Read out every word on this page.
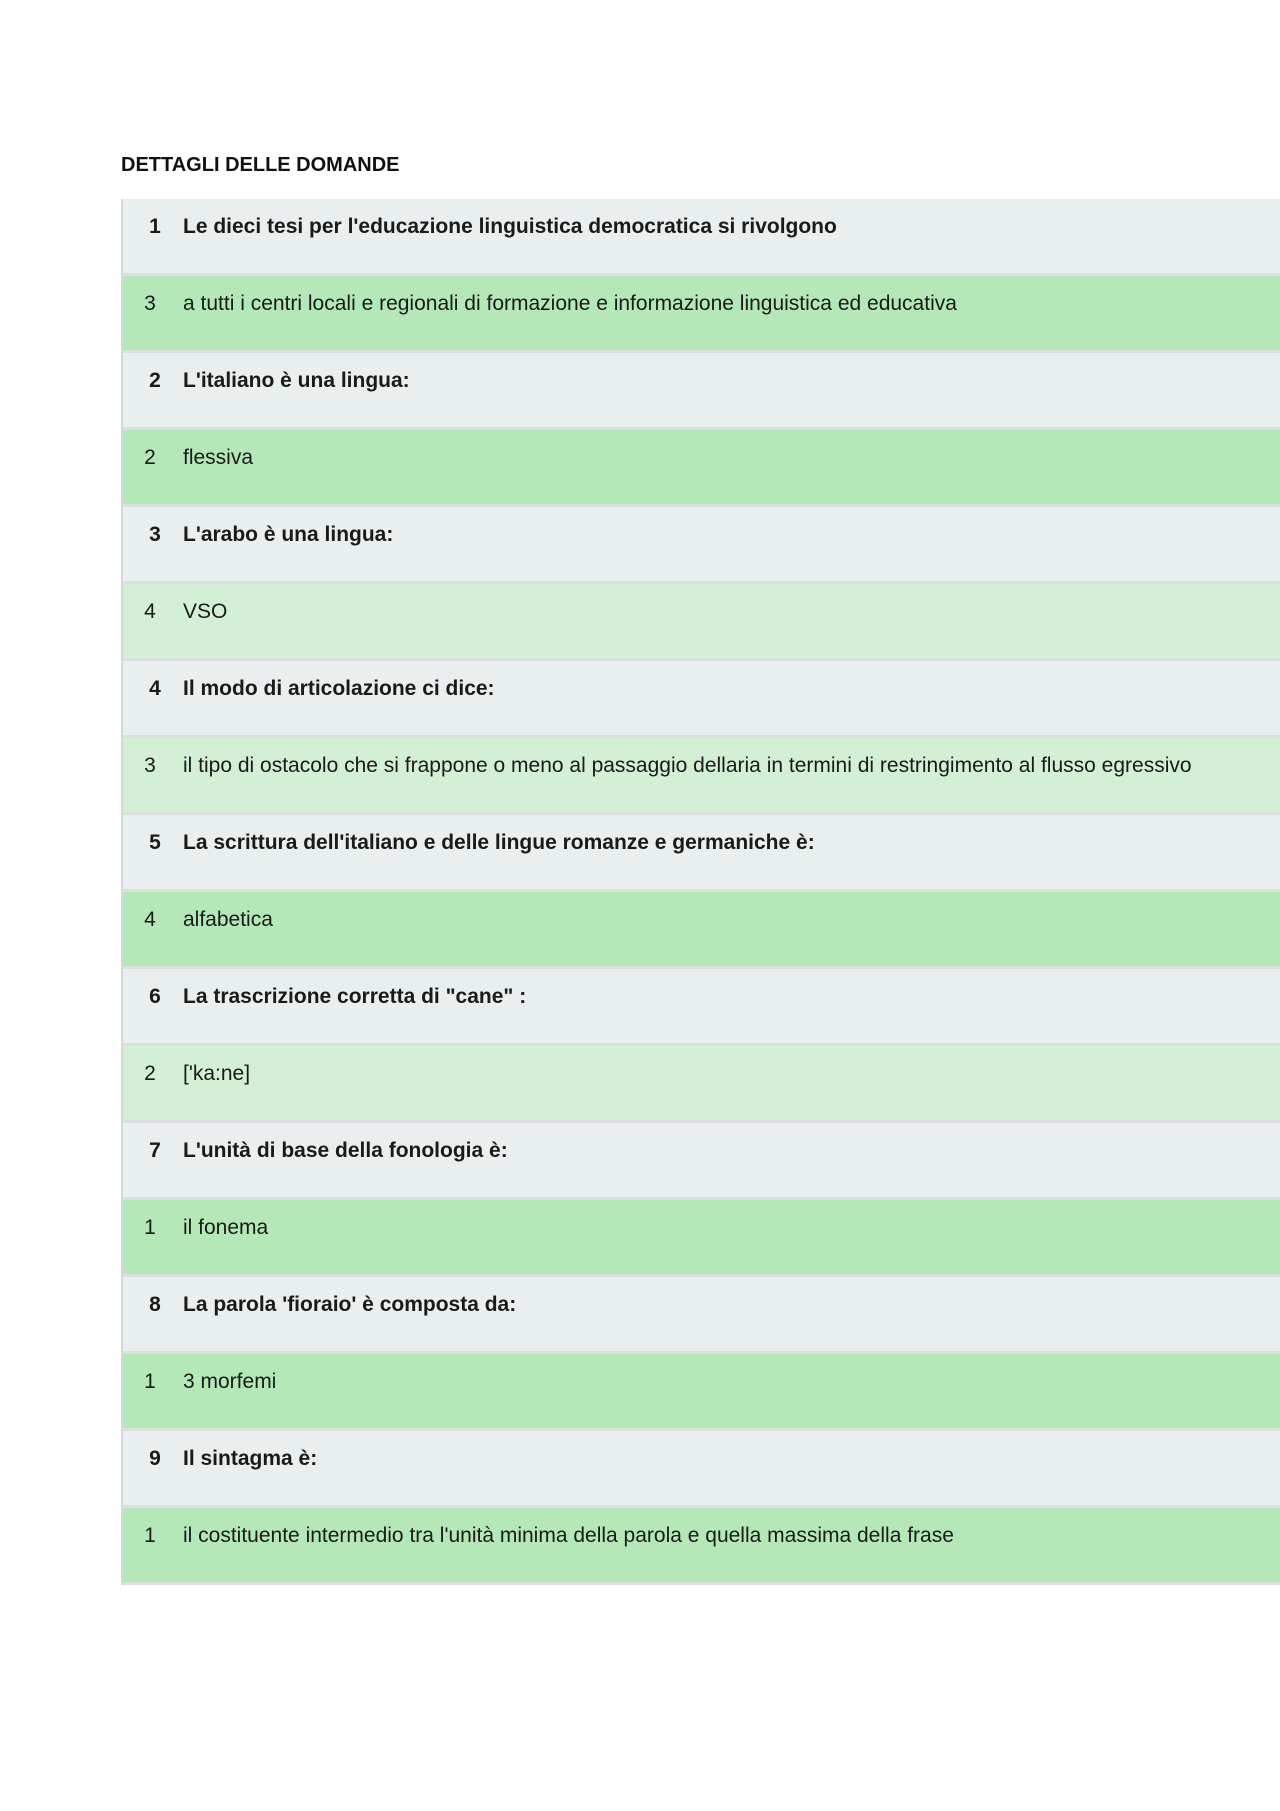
DETTAGLI DELLE DOMANDE
1	Le dieci tesi per l'educazione linguistica democratica si rivolgono
3	a tutti i centri locali e regionali di formazione e informazione linguistica ed educativa
2	L'italiano è una lingua:
2	flessiva
3	L'arabo è una lingua:
4	VSO
4	Il modo di articolazione ci dice:
3	il tipo di ostacolo che si frappone o meno al passaggio dellaria in termini di restringimento al flusso egressivo
5	La scrittura dell'italiano e delle lingue romanze e germaniche è:
4	alfabetica
6	La trascrizione corretta di "cane" :
2	['ka:ne]
7	L'unità di base della fonologia è:
1	il fonema
8	La parola 'fioraio' è composta da:
1	3 morfemi
9	Il sintagma è:
1	il costituente intermedio tra l'unità minima della parola e quella massima della frase
